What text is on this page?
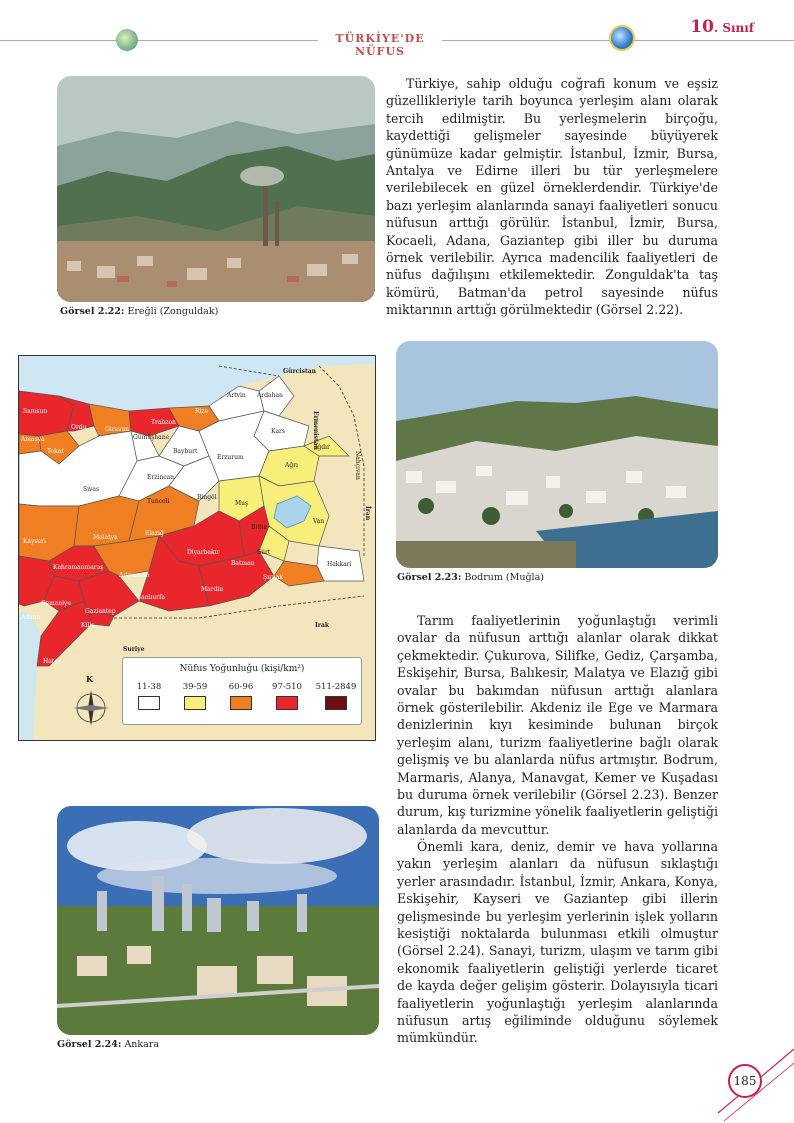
TÜRKİYE'DE NÜFUS
10. Sınıf
Görsel 2.22: Ereğli (Zonguldak)

Türkiye, sahip olduğu coğrafi konum ve eşsiz güzellikleriyle tarih boyunca yerleşim alanı olarak tercih edilmiştir. Bu yerleşmelerin birçoğu, kaydettiği gelişmeler sayesinde büyüyerek günümüze kadar gelmiştir. İstanbul, İzmir, Bursa, Antalya ve Edirne illeri bu tür yerleşmelere verilebilecek en güzel örneklerdendir. Türkiye'de bazı yerleşim alanlarında sanayi faaliyetleri sonucu nüfusun arttığı görülür. İstanbul, İzmir, Bursa, Kocaeli, Adana, Gaziantep gibi iller bu duruma örnek verilebilir. Ayrıca madencilik faaliyetleri de nüfus dağılışını etkilemektedir. Zonguldak'ta taş kömürü, Batman'da petrol sayesinde nüfus miktarının arttığı görülmektedir (Görsel 2.22).

Gürcistan
Ermenistan
Nahçıvan
İran
Irak
Suriye
Samsun
Amasya
Tokat
Ordu	Giresun
Trabzon
Rize
Artvin Ardahan
Kars
Gümüşhane
Bayburt
Erzurum
Iğdır
Ağrı
Sivas
Erzincan
Tunceli
Bingöl
Muş
Van
Bitlis
Kayseri
Malatya
Elazığ
Diyarbakır
Batman
Siirt
Hakkari
Kahramanmaraş
Adıyaman	Şırnak
Mardin
Şanlıurfa
Osmaniye
Gaziantep
Kilis
Adana
Hatay
K
Nüfus Yoğunluğu (kişi/km²)
11-38	39-59	60-96	97-510	511-2849
Görsel 2.23: Bodrum (Muğla)

Tarım faaliyetlerinin yoğunlaştığı verimli ovalar da nüfusun arttığı alanlar olarak dikkat çekmektedir. Çukurova, Silifke, Gediz, Çarşamba, Eskişehir, Bursa, Balıkesir, Malatya ve Elazığ gibi ovalar bu bakımdan nüfusun arttığı alanlara örnek gösterilebilir. Akdeniz ile Ege ve Marmara denizlerinin kıyı kesiminde bulunan birçok yerleşim alanı, turizm faaliyetlerine bağlı olarak gelişmiş ve bu alanlarda nüfus artmıştır. Bodrum, Marmaris, Alanya, Manavgat, Kemer ve Kuşadası bu duruma örnek verilebilir (Görsel 2.23). Benzer durum, kış turizmine yönelik faaliyetlerin geliştiği alanlarda da mevcuttur.

Önemli kara, deniz, demir ve hava yollarına yakın yerleşim alanları da nüfusun sıklaştığı yerler arasındadır. İstanbul, İzmir, Ankara, Konya, Eskişehir, Kayseri ve Gaziantep gibi illerin gelişmesinde bu yerleşim yerlerinin işlek yolların kesiştiği noktalarda bulunması etkili olmuştur (Görsel 2.24). Sanayi, turizm, ulaşım ve tarım gibi ekonomik faaliyetlerin geliştiği yerlerde ticaret de kayda değer gelişim gösterir. Dolayısıyla ticari faaliyetlerin yoğunlaştığı yerleşim alanlarında nüfusun artış eğiliminde olduğunu söylemek mümkündür.

Görsel 2.24: Ankara
185
